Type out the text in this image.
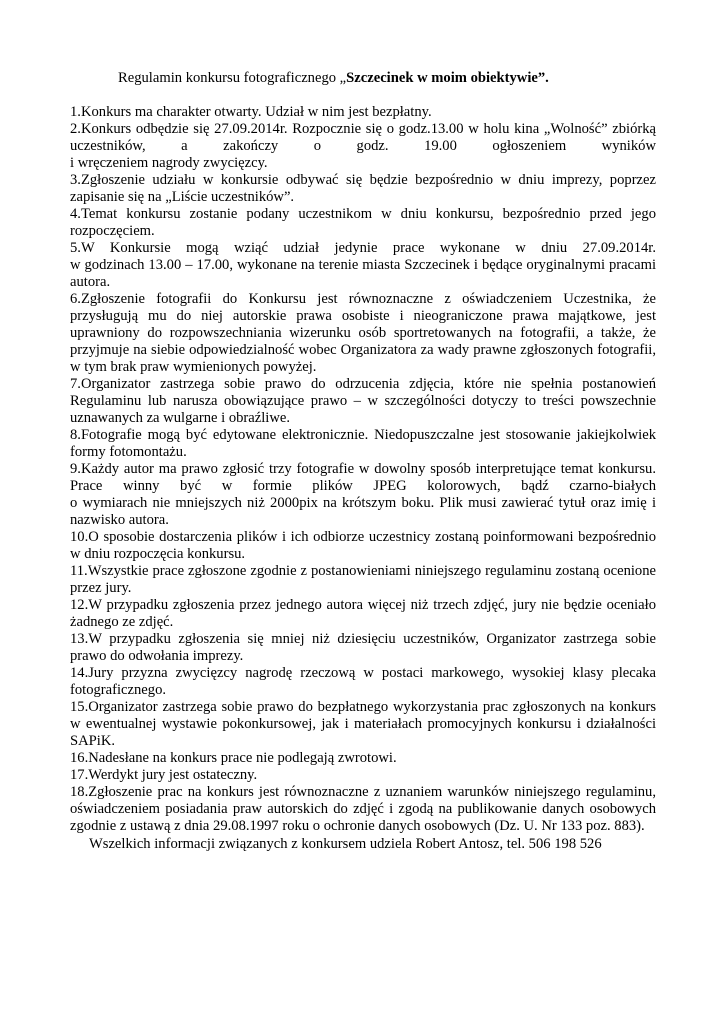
Regulamin konkursu fotograficznego „Szczecinek w moim obiektywie”.
1.Konkurs ma charakter otwarty. Udział w nim jest bezpłatny.
2.Konkurs odbędzie się 27.09.2014r. Rozpocznie się o godz.13.00 w holu kina „Wolność” zbiórką
uczestników, a zakończy o godz. 19.00 ogłoszeniem wyników
i wręczeniem nagrody zwycięzcy.
3.Zgłoszenie udziału w konkursie odbywać się będzie bezpośrednio w dniu imprezy, poprzez
zapisanie się na „Liście uczestników”.
4.Temat konkursu zostanie podany uczestnikom w dniu konkursu, bezpośrednio przed jego
rozpoczęciem.
5.W Konkursie mogą wziąć udział jedynie prace wykonane w dniu 27.09.2014r.
w godzinach 13.00 – 17.00, wykonane na terenie miasta Szczecinek i będące oryginalnymi pracami
autora.
6.Zgłoszenie fotografii do Konkursu jest równoznaczne z oświadczeniem Uczestnika, że
przysługują mu do niej autorskie prawa osobiste i nieograniczone prawa majątkowe, jest
uprawniony do rozpowszechniania wizerunku osób sportretowanych na fotografii, a także, że
przyjmuje na siebie odpowiedzialność wobec Organizatora za wady prawne zgłoszonych fotografii,
w tym brak praw wymienionych powyżej.
7.Organizator zastrzega sobie prawo do odrzucenia zdjęcia, które nie spełnia postanowień
Regulaminu lub narusza obowiązujące prawo – w szczególności dotyczy to treści powszechnie
uznawanych za wulgarne i obraźliwe.
8.Fotografie mogą być edytowane elektronicznie. Niedopuszczalne jest stosowanie jakiejkolwiek
formy fotomontażu.
9.Każdy autor ma prawo zgłosić trzy fotografie w dowolny sposób interpretujące temat konkursu.
Prace winny być w formie plików JPEG kolorowych, bądź czarno-białych
o wymiarach nie mniejszych niż 2000pix na krótszym boku. Plik musi zawierać tytuł oraz imię i
nazwisko autora.
10.O sposobie dostarczenia plików i ich odbiorze uczestnicy zostaną poinformowani bezpośrednio
w dniu rozpoczęcia konkursu.
11.Wszystkie prace zgłoszone zgodnie z postanowieniami niniejszego regulaminu zostaną ocenione
przez jury.
12.W przypadku zgłoszenia przez jednego autora więcej niż trzech zdjęć, jury nie będzie oceniało
żadnego ze zdjęć.
13.W przypadku zgłoszenia się mniej niż dziesięciu uczestników, Organizator zastrzega sobie
prawo do odwołania imprezy.
14.Jury przyzna zwycięzcy nagrodę rzeczową w postaci markowego, wysokiej klasy plecaka
fotograficznego.
15.Organizator zastrzega sobie prawo do bezpłatnego wykorzystania prac zgłoszonych na konkurs
w ewentualnej wystawie pokonkursowej, jak i materiałach promocyjnych konkursu i działalności
SAPiK.
16.Nadesłane na konkurs prace nie podlegają zwrotowi.
17.Werdykt jury jest ostateczny.
18.Zgłoszenie prac na konkurs jest równoznaczne z uznaniem warunków niniejszego regulaminu,
oświadczeniem posiadania praw autorskich do zdjęć i zgodą na publikowanie danych osobowych
zgodnie z ustawą z dnia 29.08.1997 roku o ochronie danych osobowych (Dz. U. Nr 133 poz. 883).
Wszelkich informacji związanych z konkursem udziela Robert Antosz, tel. 506 198 526
